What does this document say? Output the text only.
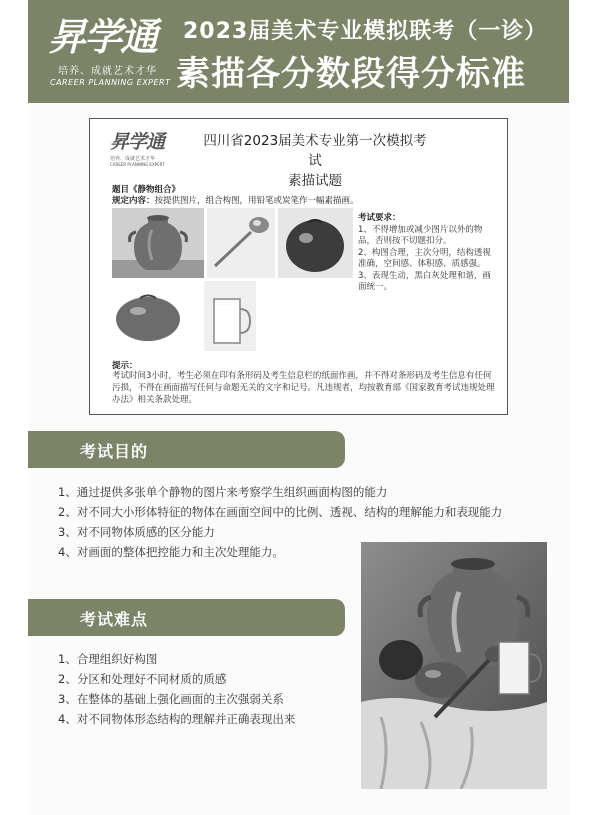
昇学通
培养、成就艺术才华
CAREER PLANNING EXPERT
2023届美术专业模拟联考（一诊）
素描各分数段得分标准
昇学通
培养、成就艺术才华
CAREER PLANNING EXPERT
四川省2023届美术专业第一次模拟考试
素描试题
题目《静物组合》
规定内容：按提供图片，组合构图，用铅笔或炭笔作一幅素描画。
考试要求：
1、不得增加或减少图片以外的物品，否则按不切题扣分。
2、构图合理，主次分明，结构透视准确，空间感、体积感、质感强。
3、表现生动，黑白灰处理和谐，画面统一。
提示：
考试时间3小时，考生必须在印有条形码及考生信息栏的纸面作画，并不得对条形码及考生信息有任何污损，不得在画面描写任何与命题无关的文字和记号。凡违规者，均按教育部《国家教育考试违规处理办法》相关条款处理。
考试目的
1、通过提供多张单个静物的图片来考察学生组织画面构图的能力
2、对不同大小形体特征的物体在画面空间中的比例、透视、结构的理解能力和表现能力
3、对不同物体质感的区分能力
4、对画面的整体把控能力和主次处理能力。
考试难点
1、合理组织好构图
2、分区和处理好不同材质的质感
3、在整体的基础上强化画面的主次强弱关系
4、对不同物体形态结构的理解并正确表现出来
